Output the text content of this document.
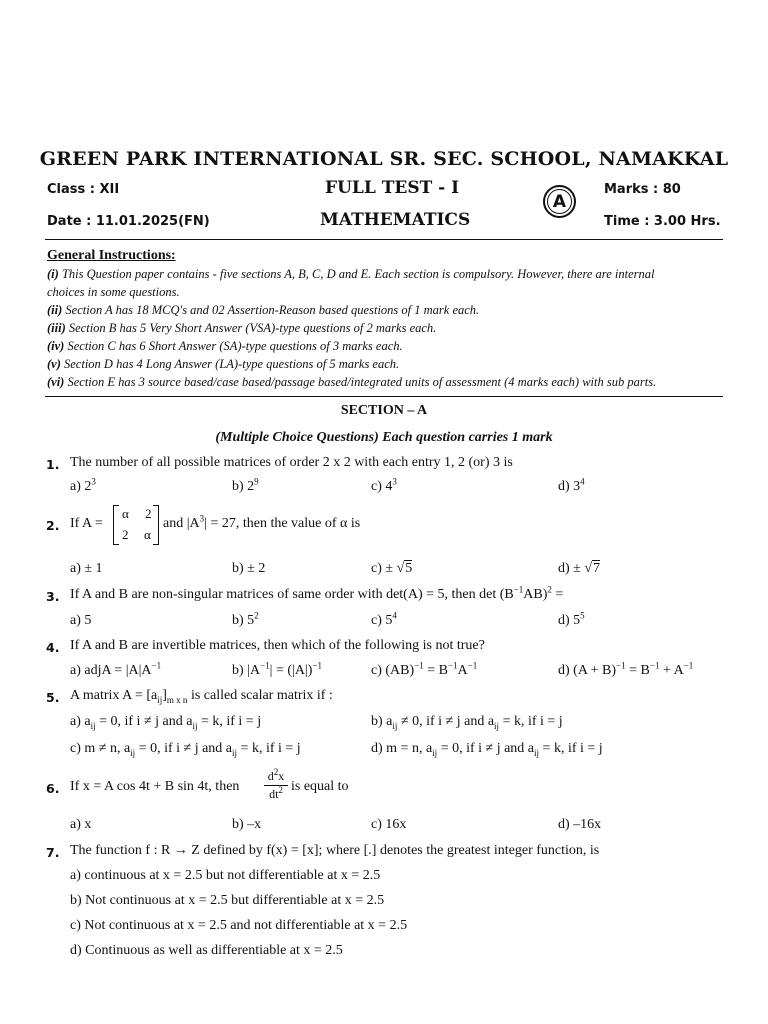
GREEN PARK INTERNATIONAL SR. SEC. SCHOOL, NAMAKKAL
Class : XII	FULL TEST - I
A
Marks : 80
Date : 11.01.2025(FN)	MATHEMATICS	Time : 3.00 Hrs.
General Instructions:
(i) This Question paper contains - five sections A, B, C, D and E. Each section is compulsory. However, there are internal
choices in some questions.
(ii) Section A has 18 MCQ's and 02 Assertion-Reason based questions of 1 mark each.
(iii) Section B has 5 Very Short Answer (VSA)-type questions of 2 marks each.
(iv) Section C has 6 Short Answer (SA)-type questions of 3 marks each.
(v) Section D has 4 Long Answer (LA)-type questions of 5 marks each.
(vi) Section E has 3 source based/case based/passage based/integrated units of assessment (4 marks each) with sub parts.
SECTION – A
(Multiple Choice Questions) Each question carries 1 mark
1. The number of all possible matrices of order 2 x 2 with each entry 1, 2 (or) 3 is
a) $2^3$	b) $2^9$	c) $4^3$	d) $3^4$
2. If A =
α 2
2 α
and $|A^3| = 27$, then the value of α is
a) ± 1	b) ± 2	c) ± √5	d) ± √7
3. If A and B are non-singular matrices of same order with det(A) = 5, then $\det (B^{-1}AB)^2$ =
a) 5	b) $5^2$	c) $5^4$	d) $5^5$
4. If A and B are invertible matrices, then which of the following is not true?
a) adjA = $|A|A^{-1}$	b) $|A^{-1}| = (|A|)^{-1}$	c) $(AB)^{-1} = B^{-1}A^{-1}$	d) $(A + B)^{-1} = B^{-1} + A^{-1}$
5. A matrix $A = [a_{ij}]_{m x n}$ is called scalar matrix if :
a) $a_{ij} = 0$, if i ≠ j and $a_{ij} = k$, if i = j	b) $a_{ij} \ne 0$, if i ≠ j and $a_{ij} = k$, if i = j
c) m ≠ n, $a_{ij} = 0$, if i ≠ j and $a_{ij} = k$, if i = j	d) m = n, $a_{ij} = 0$, if i ≠ j and $a_{ij} = k$, if i = j
6. If x = A cos 4t + B sin 4t, then
$d^2x$
$dt^2$ is equal to
a) x	b) –x	c) 16x	d) –16x
7. The function f : R → Z defined by f(x) = [x]; where [.] denotes the greatest integer function, is
a) continuous at x = 2.5 but not differentiable at x = 2.5
b) Not continuous at x = 2.5 but differentiable at x = 2.5
c) Not continuous at x = 2.5 and not differentiable at x = 2.5
d) Continuous as well as differentiable at x = 2.5
